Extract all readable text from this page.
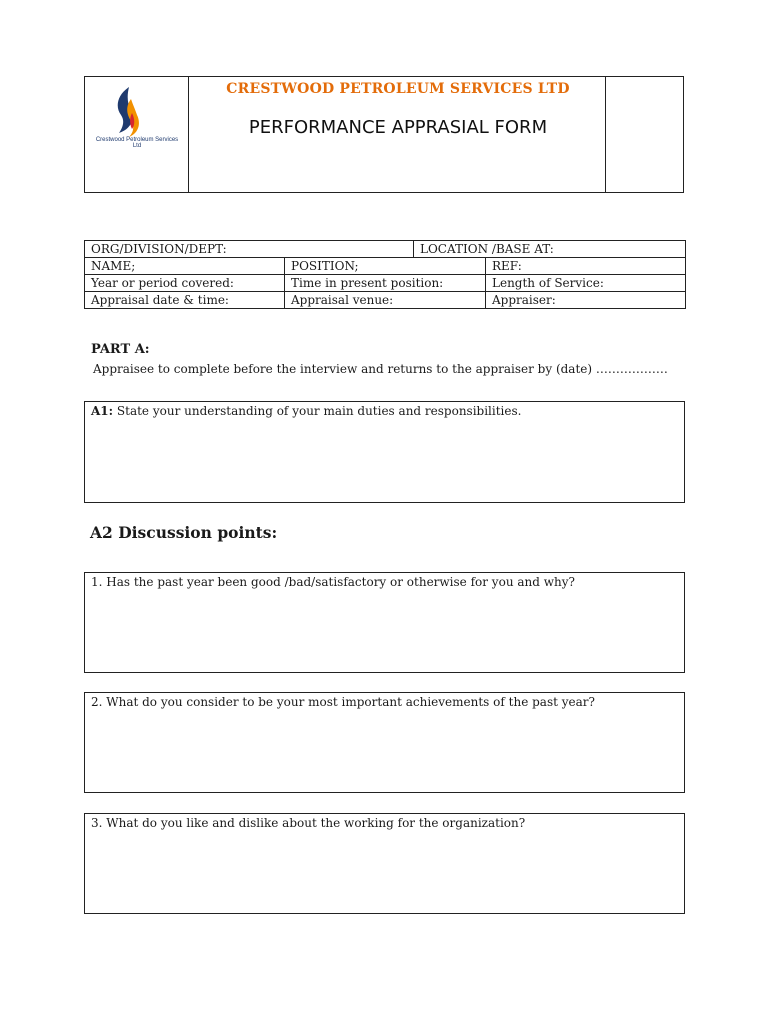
Crestwood Petroleum Services Ltd
CRESTWOOD PETROLEUM SERVICES LTD
PERFORMANCE APPRASIAL FORM
ORG/DIVISION/DEPT:		LOCATION /BASE AT:	
NAME;	POSITION;		REF:
Year or period covered:	Time in present position:		Length of Service:
Appraisal date & time:	Appraisal venue:		Appraiser:
PART A:
Appraisee to complete before the interview and returns to the appraiser by (date) ………………
A1: State your understanding of your main duties and responsibilities.
A2 Discussion points:
1. Has the past year been good /bad/satisfactory or otherwise for you and why?
2. What do you consider to be your most important achievements of the past year?
3. What do you like and dislike about the working for the organization?
